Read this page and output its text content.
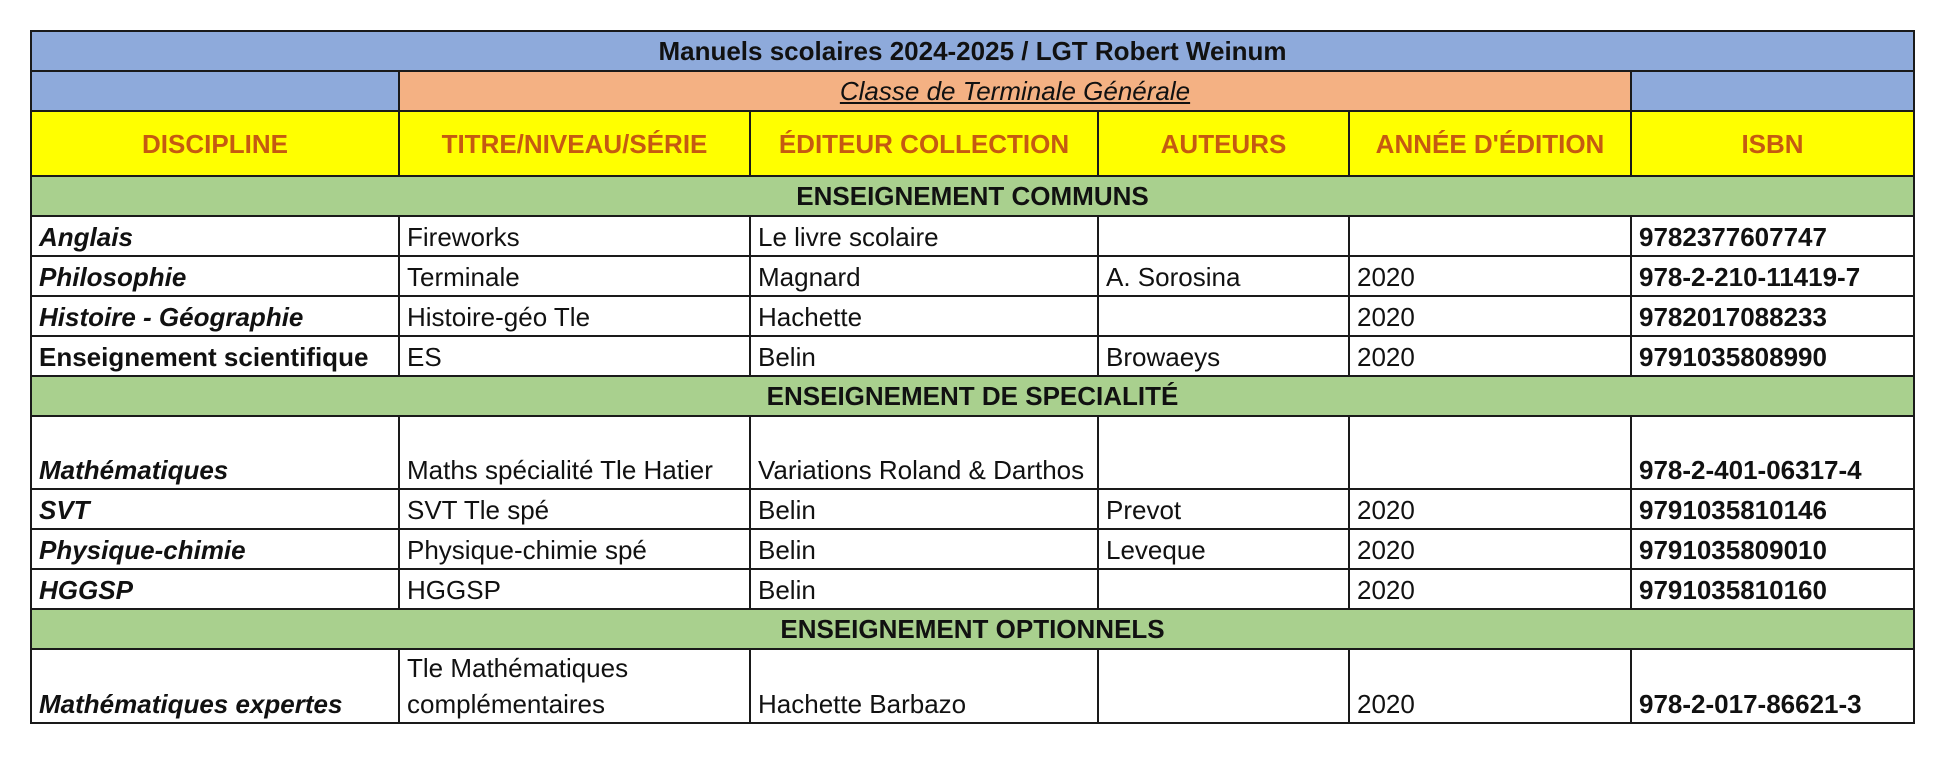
Manuels scolaires 2024-2025 / LGT Robert Weinum					
	Classe de Terminale Générale				
DISCIPLINE	TITRE/NIVEAU/SÉRIE	ÉDITEUR COLLECTION	AUTEURS	ANNÉE D'ÉDITION	ISBN
ENSEIGNEMENT COMMUNS					
Anglais	Fireworks	Le livre scolaire			9782377607747
Philosophie	Terminale	Magnard	A. Sorosina	2020	978-2-210-11419-7
Histoire - Géographie	Histoire-géo Tle	Hachette		2020	9782017088233
Enseignement scientifique	ES	Belin	Browaeys	2020	9791035808990
ENSEIGNEMENT DE SPECIALITÉ					
Mathématiques	Maths spécialité Tle Hatier	Variations Roland & Darthos			978-2-401-06317-4
SVT	SVT Tle spé	Belin	Prevot	2020	9791035810146
Physique-chimie	Physique-chimie spé	Belin	Leveque	2020	9791035809010
HGGSP	HGGSP	Belin		2020	9791035810160
ENSEIGNEMENT OPTIONNELS					
Mathématiques expertes	Tle Mathématiques complémentaires	Hachette Barbazo		2020	978-2-017-86621-3
